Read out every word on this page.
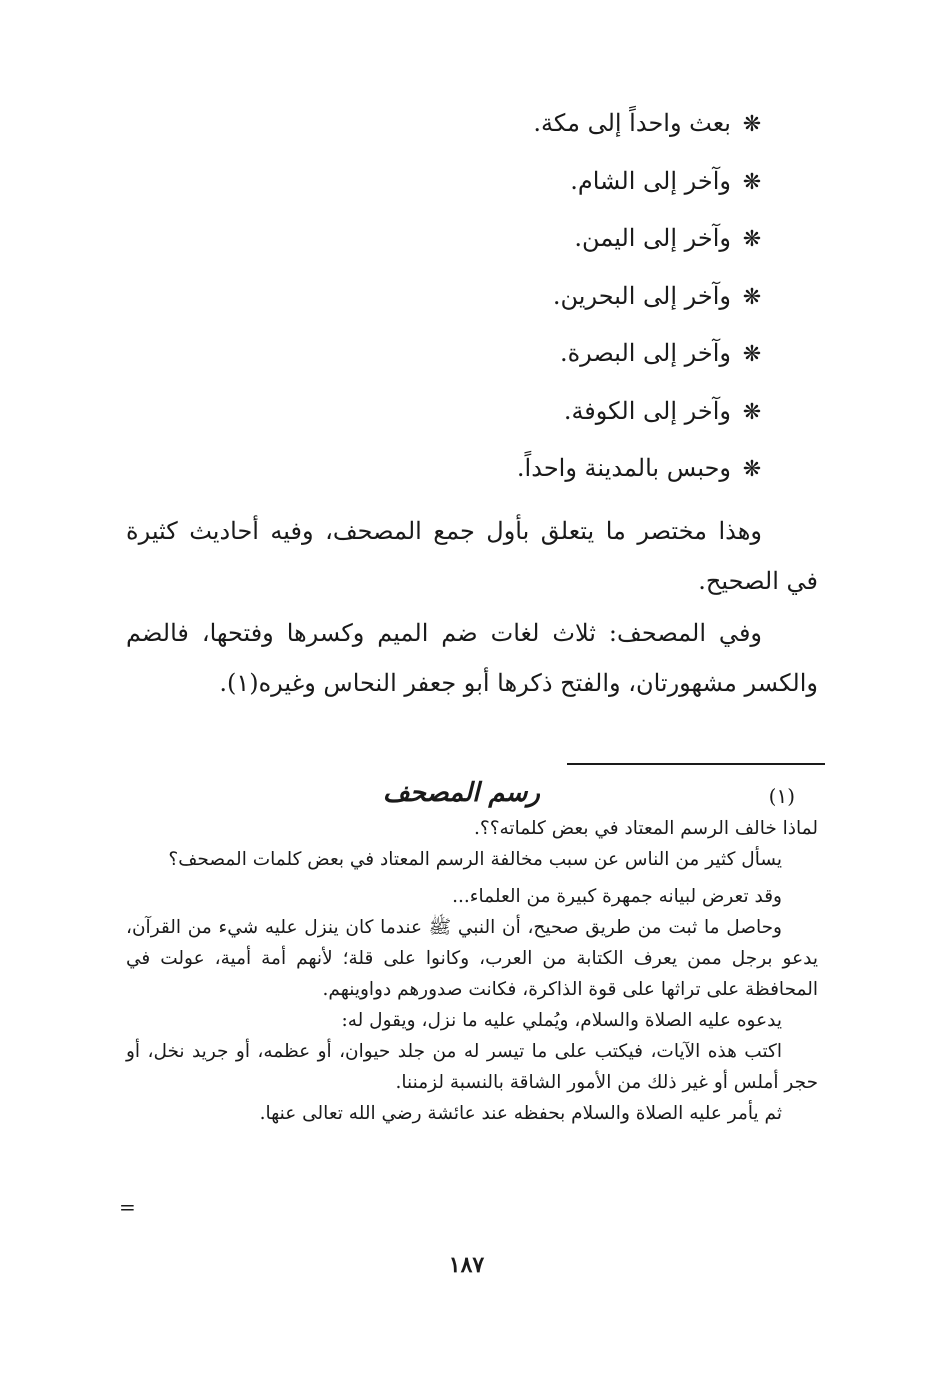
❋بعث واحداً إلى مكة.
❋وآخر إلى الشام.
❋وآخر إلى اليمن.
❋وآخر إلى البحرين.
❋وآخر إلى البصرة.
❋وآخر إلى الكوفة.
❋وحبس بالمدينة واحداً.

وهذا مختصر ما يتعلق بأول جمع المصحف، وفيه أحاديث كثيرة في الصحيح.

وفي المصحف: ثلاث لغات ضم الميم وكسرها وفتحها، فالضم والكسر مشهورتان، والفتح ذكرها أبو جعفر النحاس وغيره(١).

(١)
رسم المصحف

لماذا خالف الرسم المعتاد في بعض كلماته؟؟.

يسأل كثير من الناس عن سبب مخالفة الرسم المعتاد في بعض كلمات المصحف؟

وقد تعرض لبيانه جمهرة كبيرة من العلماء...

وحاصل ما ثبت من طريق صحيح، أن النبي ﷺ عندما كان ينزل عليه شيء من القرآن، يدعو برجل ممن يعرف الكتابة من العرب، وكانوا على قلة؛ لأنهم أمة أمية، عولت في المحافظة على تراثها على قوة الذاكرة، فكانت صدورهم دواوينهم.

يدعوه عليه الصلاة والسلام، ويُملي عليه ما نزل، ويقول له:

اكتب هذه الآيات، فيكتب على ما تيسر له من جلد حيوان، أو عظمه، أو جريد نخل، أو حجر أملس أو غير ذلك من الأمور الشاقة بالنسبة لزمننا.

ثم يأمر عليه الصلاة والسلام بحفظه عند عائشة رضي الله تعالى عنها.

=
١٨٧
